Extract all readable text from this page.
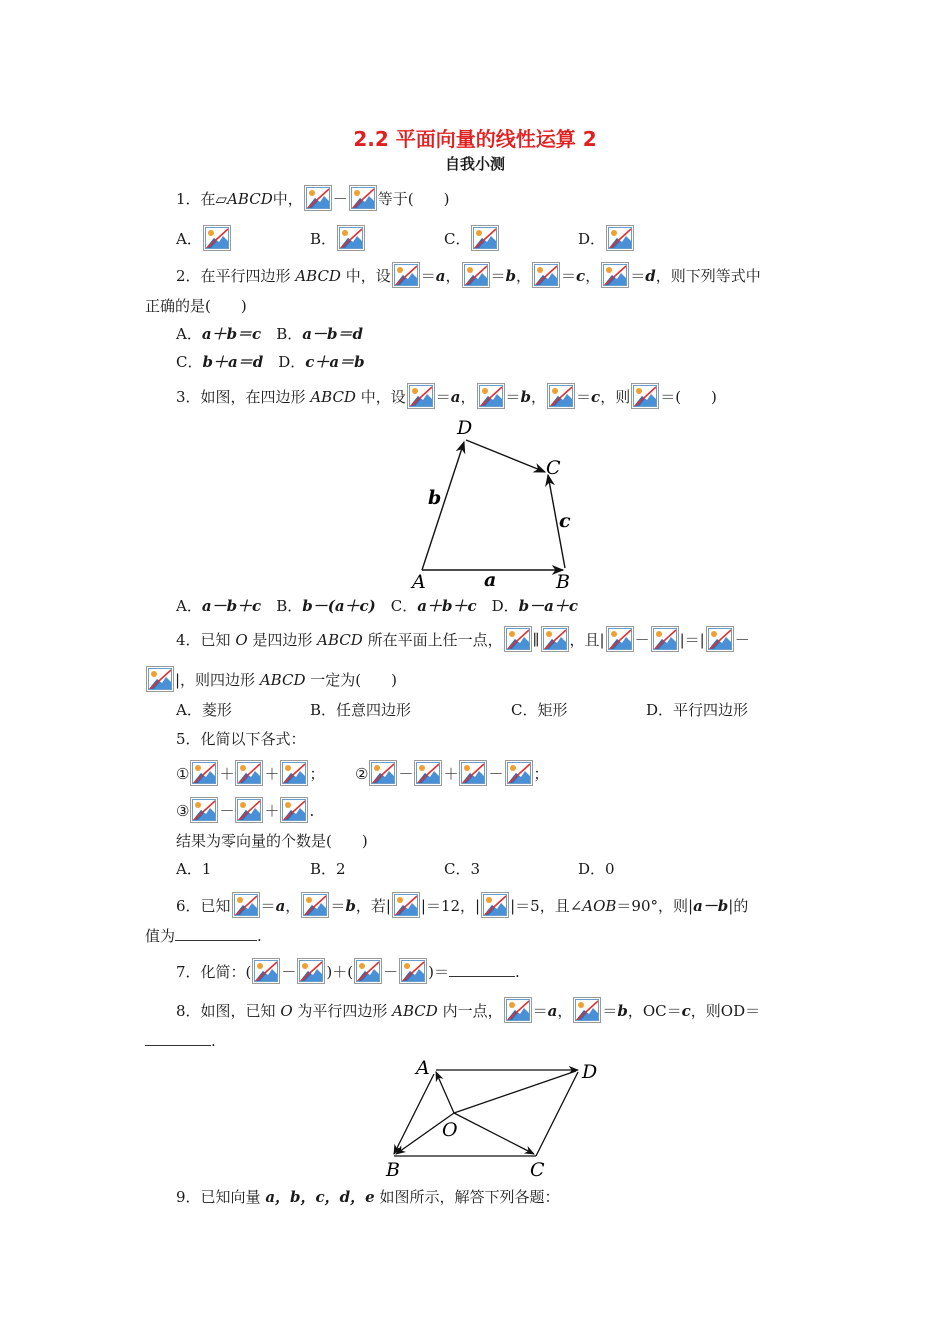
2.2 平面向量的线性运算 2
自我小测
1．在▱ABCD中， － 等于(　　)
A．	B．	C．	D．
2．在平行四边形 ABCD 中，设 ＝a， ＝b， ＝c， ＝d，则下列等式中
正确的是(　　)
A．a＋b＝c　 B．a－b＝d
C．b＋a＝d　 D．c＋a＝b
3．如图，在四边形 ABCD 中，设 ＝a， ＝b， ＝c，则 ＝(　　)
A	B
C
D
a
b
c
A．a－b＋c　 B．b－(a＋c)　 C．a＋b＋c　 D．b－a＋c
4．已知 O 是四边形 ABCD 所在平面上任一点， ∥ ，且| － |＝| －
|，则四边形 ABCD 一定为(　　)
A．菱形	B．任意四边形	C．矩形	D．平行四边形
5．化简以下各式：
① ＋ ＋ ； ② － ＋ － ；
③ － ＋ .
结果为零向量的个数是(　　)
A．1	B．2	C．3	D．0
6．已知 ＝a， ＝b，若| |＝12，| |＝5，且∠AOB＝90°，则|a－b|的
值为	.
7．化简：( － )＋( － )＝	.
8．如图，已知 O 为平行四边形 ABCD 内一点， ＝a， ＝b，OC＝c，则OD＝
.
A
B	C
D
O
9．已知向量 a，b，c，d，e 如图所示，解答下列各题：
